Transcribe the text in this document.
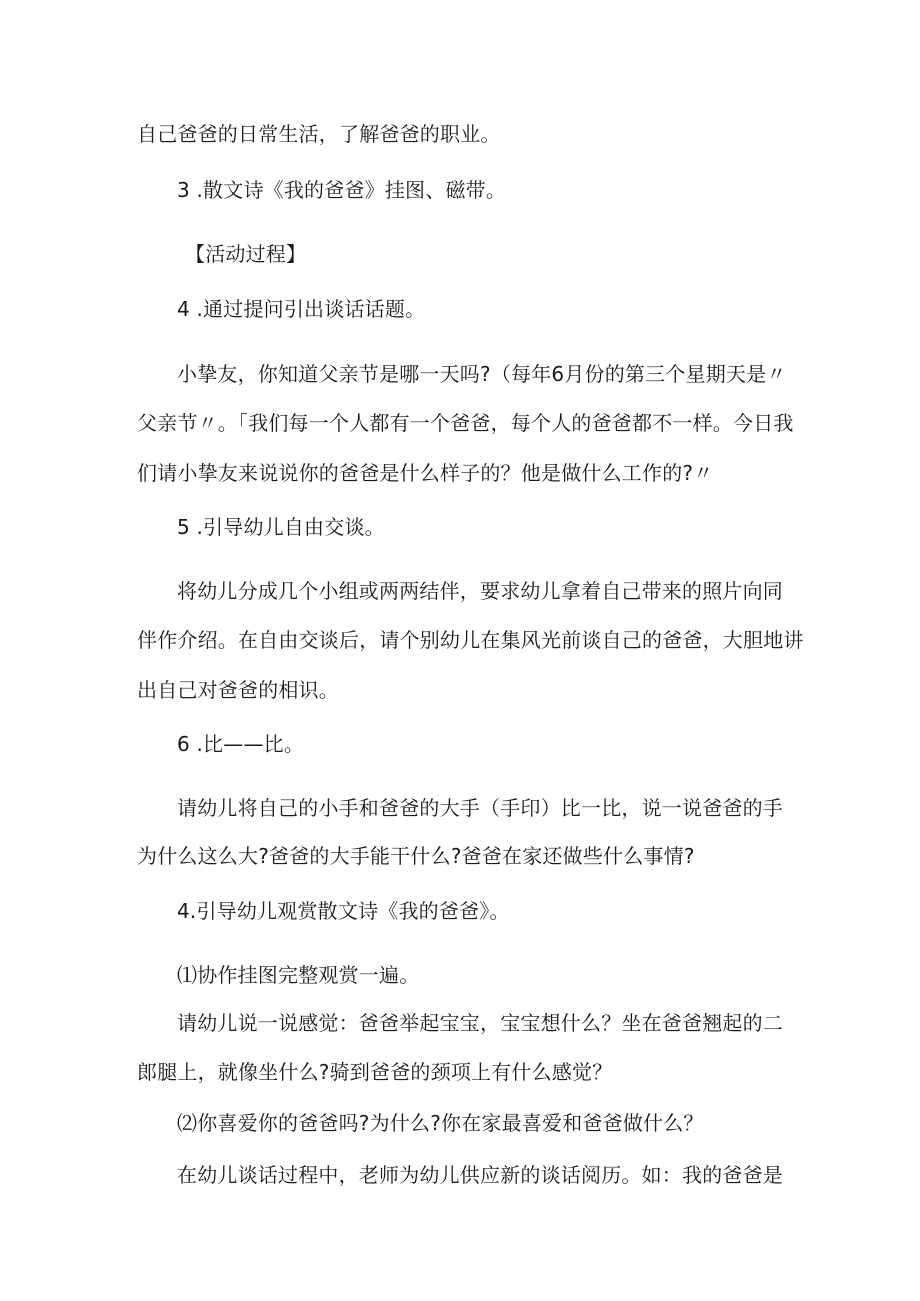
自己爸爸的日常生活，了解爸爸的职业。
3 .散文诗《我的爸爸》挂图、磁带。
【活动过程】
4 .通过提问引出谈话话题。
小挚友，你知道父亲节是哪一天吗?（每年6月份的第三个星期天是〃
父亲节〃。「我们每一个人都有一个爸爸，每个人的爸爸都不一样。今日我
们请小挚友来说说你的爸爸是什么样子的？他是做什么工作的?〃
5 .引导幼儿自由交谈。
将幼儿分成几个小组或两两结伴，要求幼儿拿着自己带来的照片向同
伴作介绍。在自由交谈后，请个别幼儿在集风光前谈自己的爸爸，大胆地讲
出自己对爸爸的相识。
6 .比——比。
请幼儿将自己的小手和爸爸的大手（手印）比一比，说一说爸爸的手
为什么这么大?爸爸的大手能干什么?爸爸在家还做些什么事情?
4.引导幼儿观赏散文诗《我的爸爸》。
⑴协作挂图完整观赏一遍。
请幼儿说一说感觉：爸爸举起宝宝，宝宝想什么？坐在爸爸翘起的二
郎腿上，就像坐什么?骑到爸爸的颈项上有什么感觉？
⑵你喜爱你的爸爸吗?为什么?你在家最喜爱和爸爸做什么？
在幼儿谈话过程中，老师为幼儿供应新的谈话阅历。如：我的爸爸是
